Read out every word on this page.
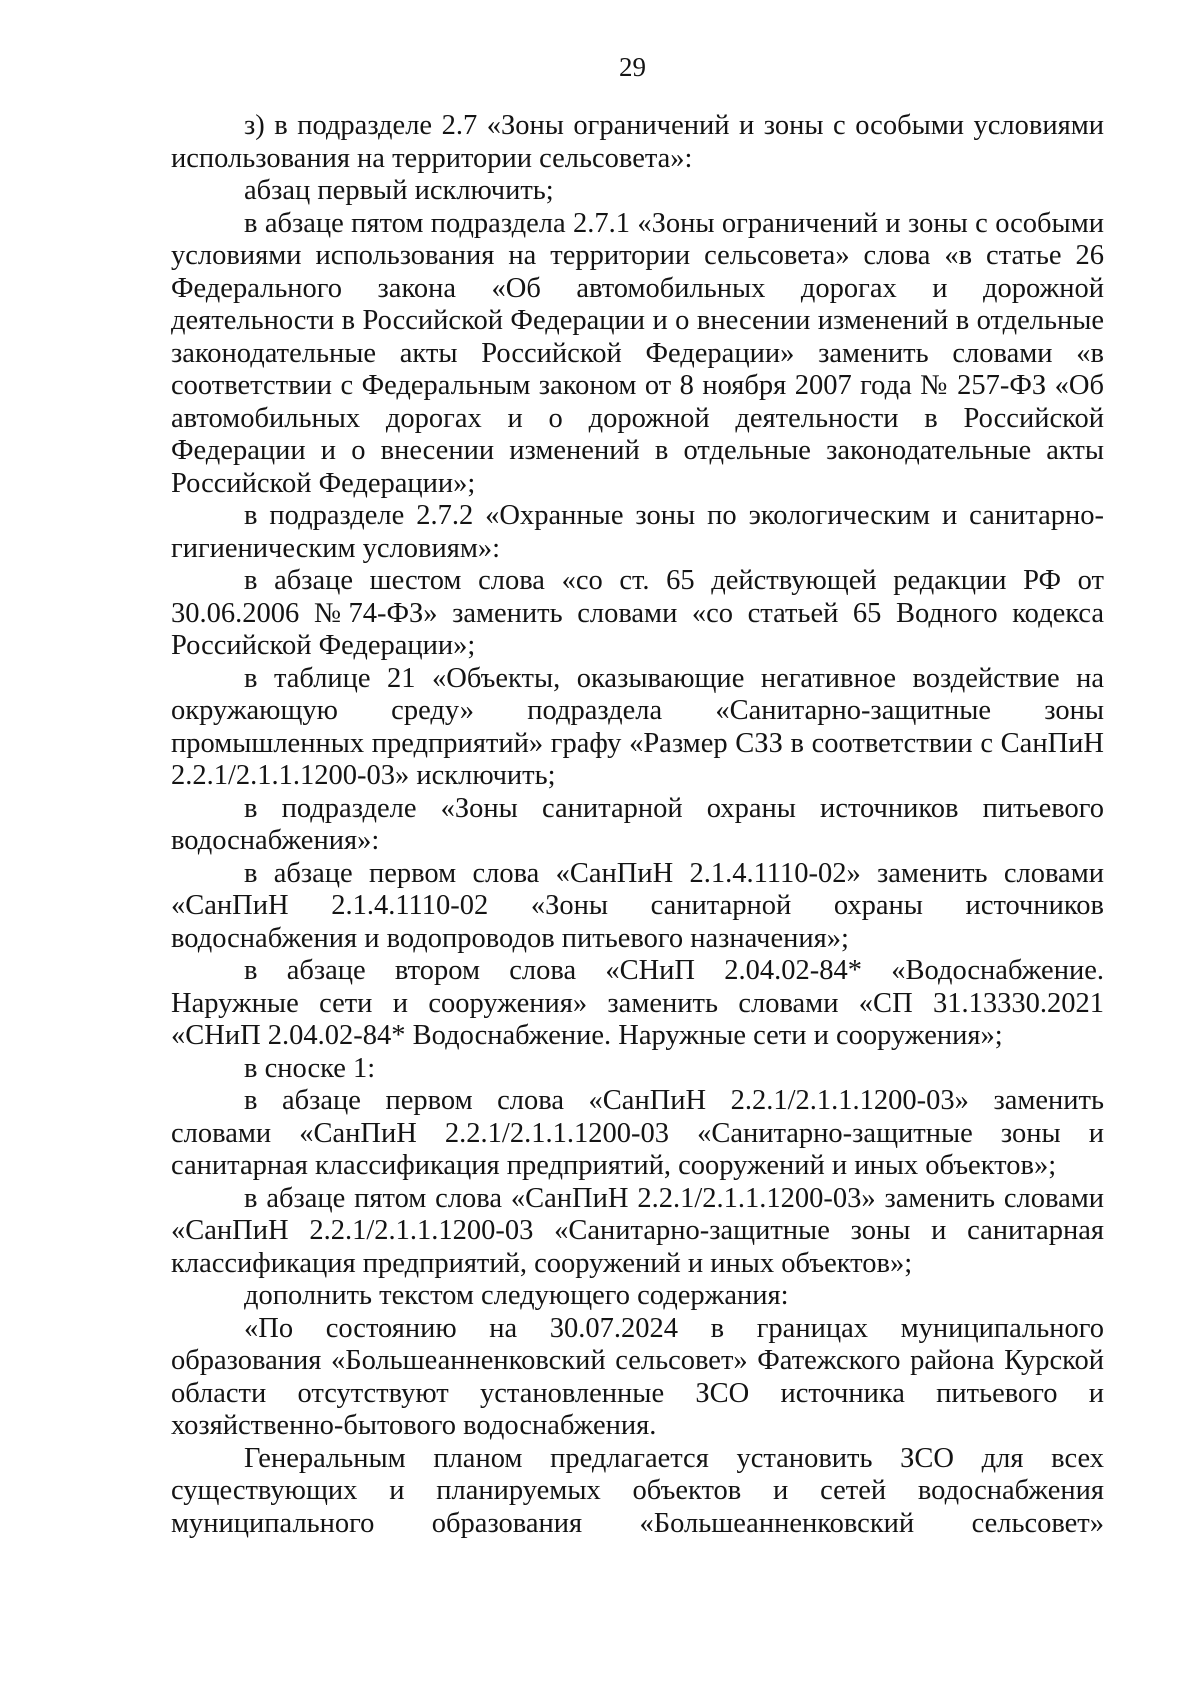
29

з) в подразделе 2.7 «Зоны ограничений и зоны с особыми условиями использования на территории сельсовета»:

абзац первый исключить;

в абзаце пятом подраздела 2.7.1 «Зоны ограничений и зоны с особыми условиями использования на территории сельсовета» слова «в статье 26 Федерального закона «Об автомобильных дорогах и дорожной деятельности в Российской Федерации и о внесении изменений в отдельные законодательные акты Российской Федерации» заменить словами «в соответствии с Федеральным законом от 8 ноября 2007 года № 257-ФЗ «Об автомобильных дорогах и о дорожной деятельности в Российской Федерации и о внесении изменений в отдельные законодательные акты Российской Федерации»;

в подразделе 2.7.2 «Охранные зоны по экологическим и санитарно-гигиеническим условиям»:

в абзаце шестом слова «со ст. 65 действующей редакции РФ от 30.06.2006 №74-ФЗ» заменить словами «со статьей 65 Водного кодекса Российской Федерации»;

в таблице 21 «Объекты, оказывающие негативное воздействие на окружающую среду» подраздела «Санитарно-защитные зоны промышленных предприятий» графу «Размер СЗЗ в соответствии с СанПиН 2.2.1/2.1.1.1200-03» исключить;

в подразделе «Зоны санитарной охраны источников питьевого водоснабжения»:

в абзаце первом слова «СанПиН 2.1.4.1110-02» заменить словами «СанПиН 2.1.4.1110-02 «Зоны санитарной охраны источников водоснабжения и водопроводов питьевого назначения»;

в абзаце втором слова «СНиП 2.04.02-84* «Водоснабжение. Наружные сети и сооружения» заменить словами «СП 31.13330.2021 «СНиП 2.04.02-84* Водоснабжение. Наружные сети и сооружения»;

в сноске 1:

в абзаце первом слова «СанПиН 2.2.1/2.1.1.1200-03» заменить словами «СанПиН 2.2.1/2.1.1.1200-03 «Санитарно-защитные зоны и санитарная классификация предприятий, сооружений и иных объектов»;

в абзаце пятом слова «СанПиН 2.2.1/2.1.1.1200-03» заменить словами «СанПиН 2.2.1/2.1.1.1200-03 «Санитарно-защитные зоны и санитарная классификация предприятий, сооружений и иных объектов»;

дополнить текстом следующего содержания:

«По состоянию на 30.07.2024 в границах муниципального образования «Большеанненковский сельсовет» Фатежского района Курской области отсутствуют установленные ЗСО источника питьевого и хозяйственно-бытового водоснабжения.

Генеральным планом предлагается установить ЗСО для всех существующих и планируемых объектов и сетей водоснабжения муниципального образования «Большеанненковский сельсовет»
